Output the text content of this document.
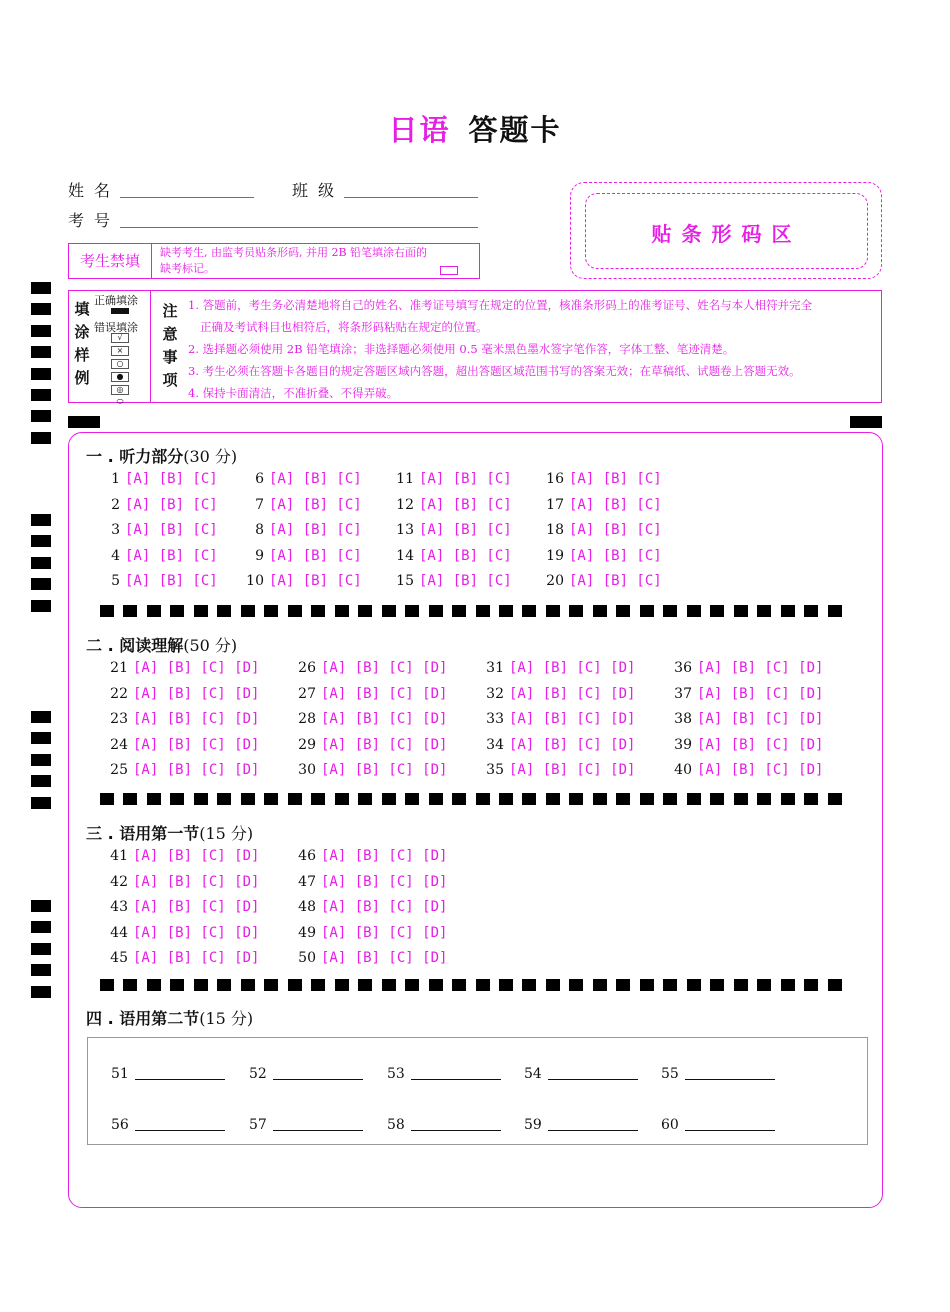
日语 答题卡
姓名	班级
考号
贴条形码区
考生禁填	缺考考生, 由监考员贴条形码, 并用 2B 铅笔填涂右面的
缺考标记。
填
涂
样
例
正确填涂
错误填涂
√
×
○
●
◎
⬭
注
意
事
项
1. 答题前，考生务必清楚地将自己的姓名、准考证号填写在规定的位置，核准条形码上的准考证号、姓名与本人相符并完全
正确及考试科目也相符后，将条形码粘贴在规定的位置。
2. 选择题必须使用 2B 铅笔填涂；非选择题必须使用 0.5 毫米黑色墨水签字笔作答，字体工整、笔迹清楚。
3. 考生必须在答题卡各题目的规定答题区域内答题，超出答题区域范围书写的答案无效；在草稿纸、试题卷上答题无效。
4. 保持卡面清洁，不准折叠、不得弄破。
一 . 听力部分(30 分)
1 [A] [B] [C]
2 [A] [B] [C]
3 [A] [B] [C]
4 [A] [B] [C]
5 [A] [B] [C]
6 [A] [B] [C]
7 [A] [B] [C]
8 [A] [B] [C]
9 [A] [B] [C]
10 [A] [B] [C]
11 [A] [B] [C]
12 [A] [B] [C]
13 [A] [B] [C]
14 [A] [B] [C]
15 [A] [B] [C]
16 [A] [B] [C]
17 [A] [B] [C]
18 [A] [B] [C]
19 [A] [B] [C]
20 [A] [B] [C]
二 . 阅读理解(50 分)
21 [A] [B] [C] [D]
22 [A] [B] [C] [D]
23 [A] [B] [C] [D]
24 [A] [B] [C] [D]
25 [A] [B] [C] [D]
26 [A] [B] [C] [D]
27 [A] [B] [C] [D]
28 [A] [B] [C] [D]
29 [A] [B] [C] [D]
30 [A] [B] [C] [D]
31 [A] [B] [C] [D]
32 [A] [B] [C] [D]
33 [A] [B] [C] [D]
34 [A] [B] [C] [D]
35 [A] [B] [C] [D]
36 [A] [B] [C] [D]
37 [A] [B] [C] [D]
38 [A] [B] [C] [D]
39 [A] [B] [C] [D]
40 [A] [B] [C] [D]
三 . 语用第一节(15 分)
41 [A] [B] [C] [D]
42 [A] [B] [C] [D]
43 [A] [B] [C] [D]
44 [A] [B] [C] [D]
45 [A] [B] [C] [D]
46 [A] [B] [C] [D]
47 [A] [B] [C] [D]
48 [A] [B] [C] [D]
49 [A] [B] [C] [D]
50 [A] [B] [C] [D]
四 . 语用第二节(15 分)
51	52	53	54	55
56	57	58	59	60
